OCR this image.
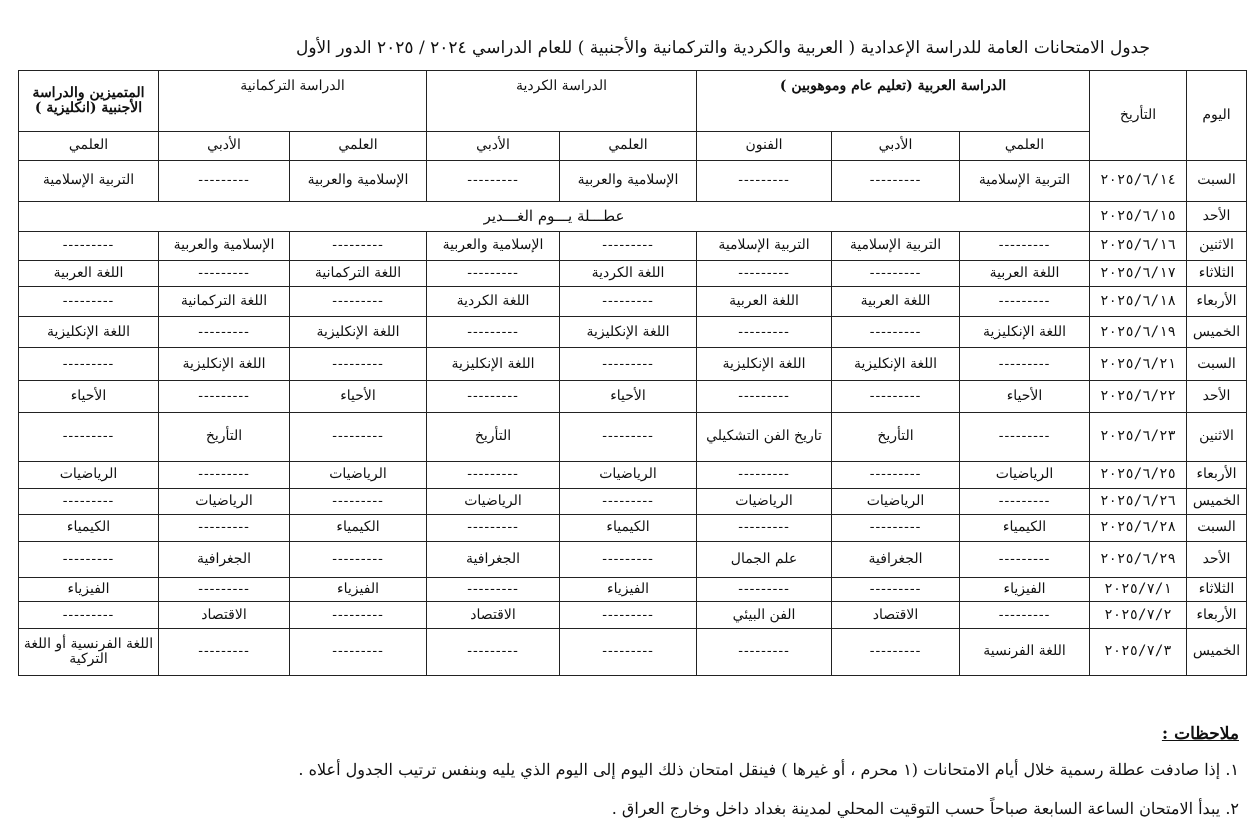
جدول الامتحانات العامة للدراسة الإعدادية ( العربية والكردية والتركمانية والأجنبية ) للعام الدراسي ٢٠٢٤ / ٢٠٢٥ الدور الأول
اليوم	التأريخ	الدراسة العربية (تعليم عام وموهوبين )			الدراسة الكردية		الدراسة التركمانية		المتميزين والدراسة الأجنبية (انكليزية )
		العلمي	الأدبي	الفنون	العلمي	الأدبي	العلمي	الأدبي	العلمي
السبت	٢٠٢٥/٦/١٤	التربية الإسلامية	---------	---------	الإسلامية والعربية	---------	الإسلامية والعربية	---------	التربية الإسلامية
الأحد	٢٠٢٥/٦/١٥	عطـــلة يـــوم الغـــدير							
الاثنين	٢٠٢٥/٦/١٦	---------	التربية الإسلامية	التربية الإسلامية	---------	الإسلامية والعربية	---------	الإسلامية والعربية	---------
الثلاثاء	٢٠٢٥/٦/١٧	اللغة العربية	---------	---------	اللغة الكردية	---------	اللغة التركمانية	---------	اللغة العربية
الأربعاء	٢٠٢٥/٦/١٨	---------	اللغة العربية	اللغة العربية	---------	اللغة الكردية	---------	اللغة التركمانية	---------
الخميس	٢٠٢٥/٦/١٩	اللغة الإنكليزية	---------	---------	اللغة الإنكليزية	---------	اللغة الإنكليزية	---------	اللغة الإنكليزية
السبت	٢٠٢٥/٦/٢١	---------	اللغة الإنكليزية	اللغة الإنكليزية	---------	اللغة الإنكليزية	---------	اللغة الإنكليزية	---------
الأحد	٢٠٢٥/٦/٢٢	الأحياء	---------	---------	الأحياء	---------	الأحياء	---------	الأحياء
الاثنين	٢٠٢٥/٦/٢٣	---------	التأريخ	تاريخ الفن التشكيلي	---------	التأريخ	---------	التأريخ	---------
الأربعاء	٢٠٢٥/٦/٢٥	الرياضيات	---------	---------	الرياضيات	---------	الرياضيات	---------	الرياضيات
الخميس	٢٠٢٥/٦/٢٦	---------	الرياضيات	الرياضيات	---------	الرياضيات	---------	الرياضيات	---------
السبت	٢٠٢٥/٦/٢٨	الكيمياء	---------	---------	الكيمياء	---------	الكيمياء	---------	الكيمياء
الأحد	٢٠٢٥/٦/٢٩	---------	الجغرافية	علم الجمال	---------	الجغرافية	---------	الجغرافية	---------
الثلاثاء	٢٠٢٥/٧/١	الفيزياء	---------	---------	الفيزياء	---------	الفيزياء	---------	الفيزياء
الأربعاء	٢٠٢٥/٧/٢	---------	الاقتصاد	الفن البيئي	---------	الاقتصاد	---------	الاقتصاد	---------
الخميس	٢٠٢٥/٧/٣	اللغة الفرنسية	---------	---------	---------	---------	---------	---------	اللغة الفرنسية أو اللغة التركية
ملاحظات :
١. إذا صادفت عطلة رسمية خلال أيام الامتحانات (١ محرم ، أو غيرها ) فينقل امتحان ذلك اليوم إلى اليوم الذي يليه وبنفس ترتيب الجدول أعلاه .
٢. يبدأ الامتحان الساعة السابعة صباحاً حسب التوقيت المحلي لمدينة بغداد داخل وخارج العراق .
